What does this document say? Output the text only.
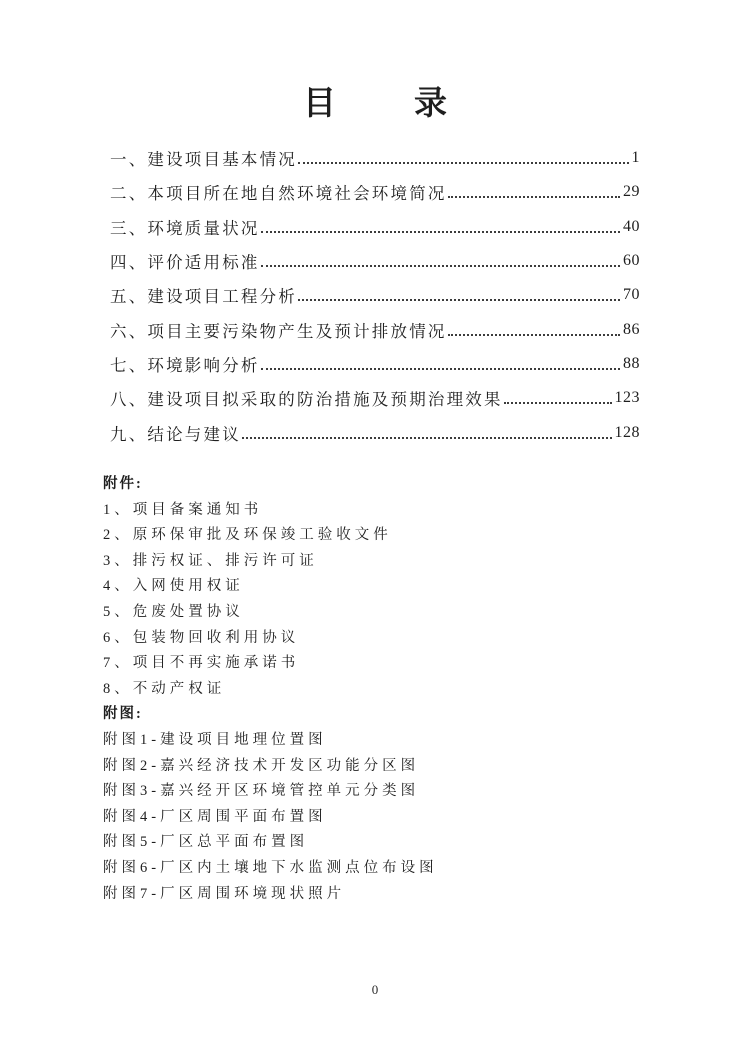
目 录
一、建设项目基本情况	1
二、本项目所在地自然环境社会环境简况	29
三、环境质量状况	40
四、评价适用标准	60
五、建设项目工程分析	70
六、项目主要污染物产生及预计排放情况	86
七、环境影响分析	88
八、建设项目拟采取的防治措施及预期治理效果	123
九、结论与建议	128
附件:
1、项目备案通知书
2、原环保审批及环保竣工验收文件
3、排污权证、排污许可证
4、入网使用权证
5、危废处置协议
6、包装物回收利用协议
7、项目不再实施承诺书
8、不动产权证
附图:
附图1-建设项目地理位置图
附图2-嘉兴经济技术开发区功能分区图
附图3-嘉兴经开区环境管控单元分类图
附图4-厂区周围平面布置图
附图5-厂区总平面布置图
附图6-厂区内土壤地下水监测点位布设图
附图7-厂区周围环境现状照片
0
